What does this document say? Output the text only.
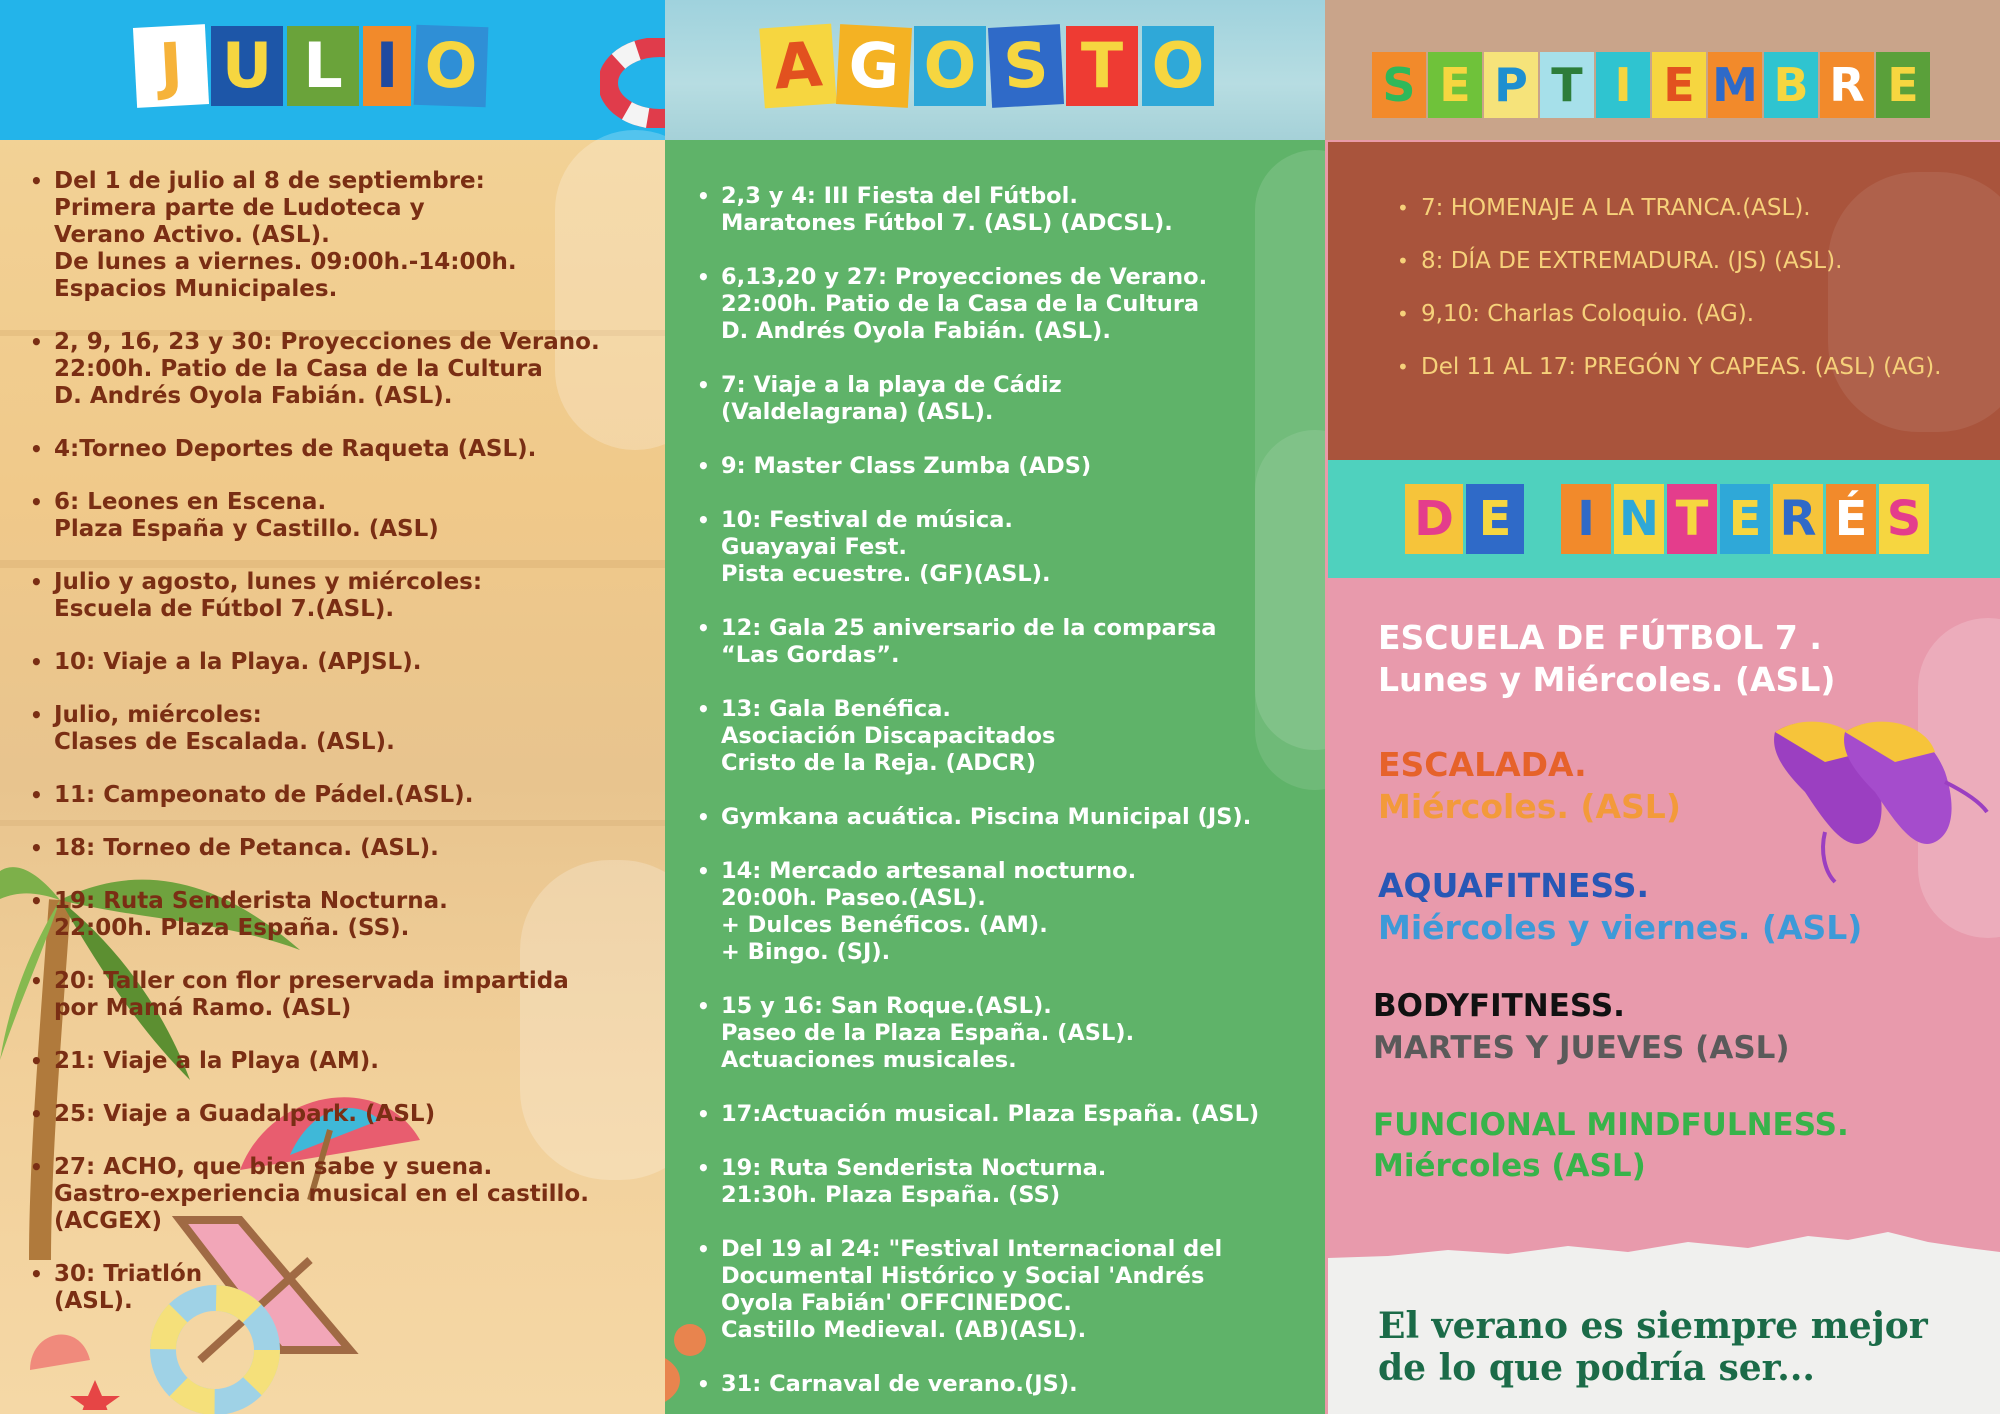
J U L I O
• Del 1 de julio al 8 de septiembre:
Primera parte de Ludoteca y
Verano Activo. (ASL).
De lunes a viernes. 09:00h.-14:00h.
Espacios Municipales.
• 2, 9, 16, 23 y 30: Proyecciones de Verano.
22:00h. Patio de la Casa de la Cultura
D. Andrés Oyola Fabián. (ASL).
• 4:Torneo Deportes de Raqueta (ASL).
• 6: Leones en Escena.
Plaza España y Castillo. (ASL)
• Julio y agosto, lunes y miércoles:
Escuela de Fútbol 7.(ASL).
• 10: Viaje a la Playa. (APJSL).
• Julio, miércoles:
Clases de Escalada. (ASL).
• 11: Campeonato de Pádel.(ASL).
• 18: Torneo de Petanca. (ASL).
• 19: Ruta Senderista Nocturna.
22:00h. Plaza España. (SS).
• 20: Taller con flor preservada impartida
por Mamá Ramo. (ASL)
• 21: Viaje a la Playa (AM).
• 25: Viaje a Guadalpark. (ASL)
• 27: ACHO, que bien sabe y suena.
Gastro-experiencia musical en el castillo.
(ACGEX)
• 30: Triatlón
(ASL).
A G O S T O
• 2,3 y 4: III Fiesta del Fútbol.
Maratones Fútbol 7. (ASL) (ADCSL).
• 6,13,20 y 27: Proyecciones de Verano.
22:00h. Patio de la Casa de la Cultura
D. Andrés Oyola Fabián. (ASL).
• 7: Viaje a la playa de Cádiz
(Valdelagrana) (ASL).
• 9: Master Class Zumba (ADS)
• 10: Festival de música.
Guayayai Fest.
Pista ecuestre. (GF)(ASL).
• 12: Gala 25 aniversario de la comparsa
“Las Gordas”.
• 13: Gala Benéfica.
Asociación Discapacitados
Cristo de la Reja. (ADCR)
• Gymkana acuática. Piscina Municipal (JS).
• 14: Mercado artesanal nocturno.
20:00h. Paseo.(ASL).
+ Dulces Benéficos. (AM).
+ Bingo. (SJ).
• 15 y 16: San Roque.(ASL).
Paseo de la Plaza España. (ASL).
Actuaciones musicales.
• 17:Actuación musical. Plaza España. (ASL)
• 19: Ruta Senderista Nocturna.
21:30h. Plaza España. (SS)
• Del 19 al 24: "Festival Internacional del
Documental Histórico y Social 'Andrés
Oyola Fabián' OFFCINEDOC.
Castillo Medieval. (AB)(ASL).
• 31: Carnaval de verano.(JS).
S E P T I E M B R E
• 7: HOMENAJE A LA TRANCA.(ASL).
• 8: DÍA DE EXTREMADURA. (JS) (ASL).
• 9,10: Charlas Coloquio. (AG).
• Del 11 AL 17: PREGÓN Y CAPEAS. (ASL) (AG).
D E	I N T E R É S
ESCUELA DE FÚTBOL 7 .
Lunes y Miércoles. (ASL)
ESCALADA.
Miércoles. (ASL)
AQUAFITNESS.
Miércoles y viernes. (ASL)
BODYFITNESS.
MARTES Y JUEVES (ASL)
FUNCIONAL MINDFULNESS.
Miércoles (ASL)
El verano es siempre mejor
de lo que podría ser...
